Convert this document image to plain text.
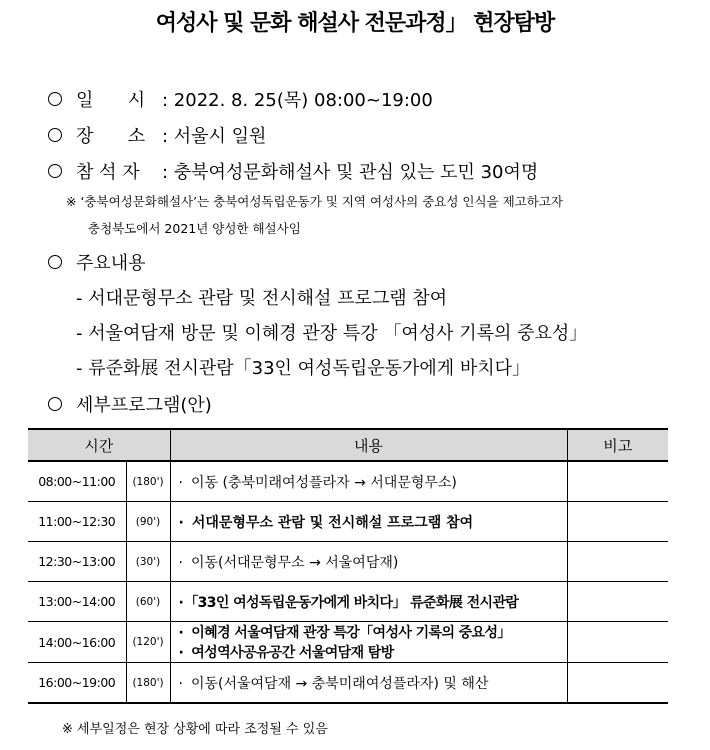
여성사 및 문화 해설사 전문과정」 현장탐방
일      시 : 2022. 8. 25(목) 08:00~19:00
장      소 : 서울시 일원
참 석 자	: 충북여성문화해설사 및 관심 있는 도민 30여명
※ ‘충북여성문화해설사’는 충북여성독립운동가 및 지역 여성사의 중요성 인식을 제고하고자
충청북도에서 2021년 양성한 해설사임
주요내용
- 서대문형무소 관람 및 전시해설 프로그램 참여
- 서울여담재 방문 및 이혜경 관장 특강 「여성사 기록의 중요성」
- 류준화展 전시관람「33인 여성독립운동가에게 바치다」
세부프로그램(안)
시간		내용	비고
08:00~11:00	(180')	· 이동 (충북미래여성플라자 → 서대문형무소)	
11:00~12:30	(90')	· 서대문형무소 관람 및 전시해설 프로그램 참여	
12:30~13:00	(30')	· 이동(서대문형무소 → 서울여담재)	
13:00~14:00	(60')	· 「33인 여성독립운동가에게 바치다」 류준화展 전시관람	
14:00~16:00	(120')	· 이혜경 서울여담재 관장 특강「여성사 기록의 중요성」
· 여성역사공유공간 서울여담재 탐방	

16:00~19:00	(180')	· 이동(서울여담재 → 충북미래여성플라자) 및 해산	
※ 세부일정은 현장 상황에 따라 조정될 수 있음
